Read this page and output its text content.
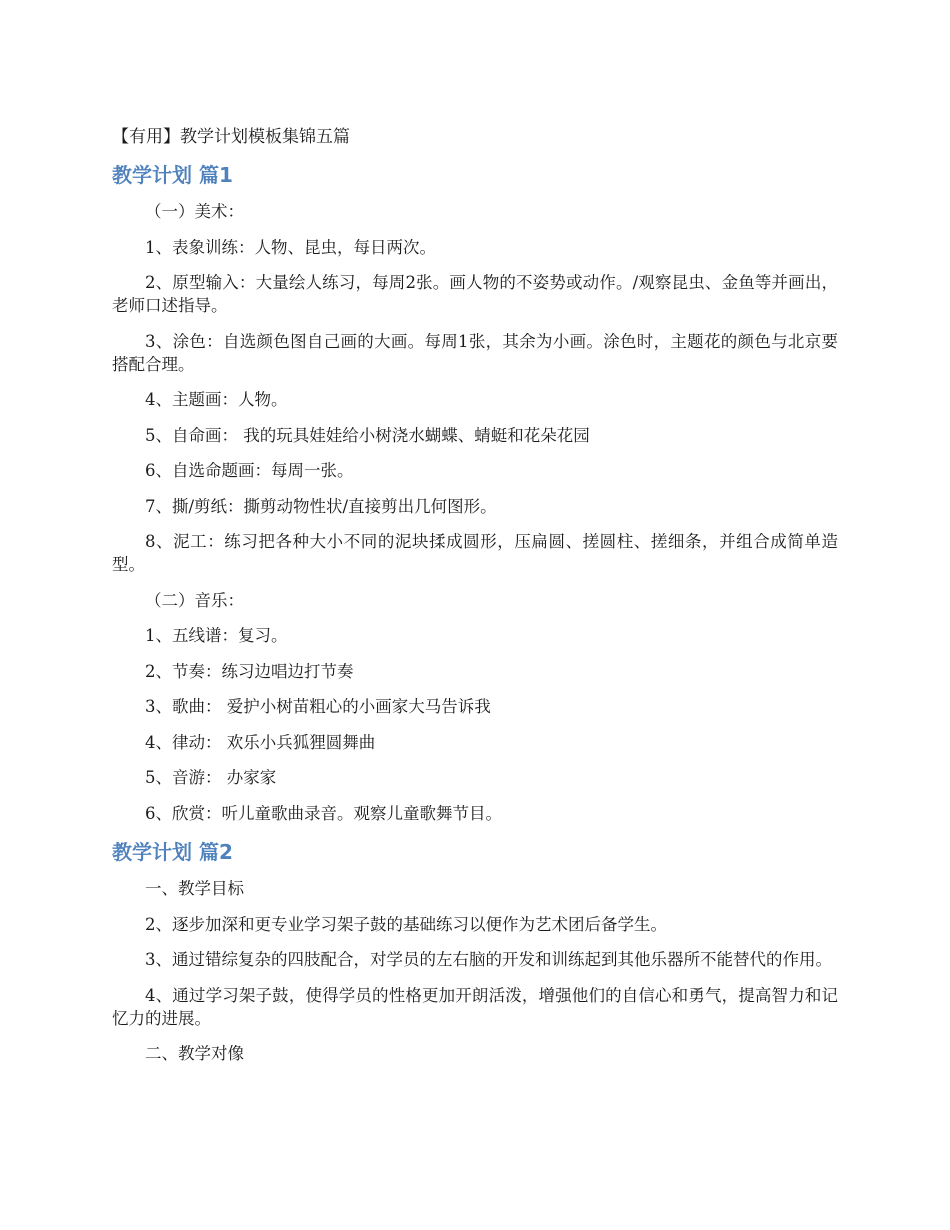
【有用】教学计划模板集锦五篇
教学计划 篇1

（一）美术：

1、表象训练：人物、昆虫，每日两次。

2、原型输入：大量绘人练习，每周2张。画人物的不姿势或动作。/观察昆虫、金鱼等并画出，老师口述指导。

3、涂色：自选颜色图自己画的大画。每周1张，其余为小画。涂色时，主题花的颜色与北京要搭配合理。

4、主题画：人物。

5、自命画： 我的玩具娃娃给小树浇水蝴蝶、蜻蜓和花朵花园

6、自选命题画：每周一张。

7、撕/剪纸：撕剪动物性状/直接剪出几何图形。

8、泥工：练习把各种大小不同的泥块揉成圆形，压扁圆、搓圆柱、搓细条，并组合成简单造型。

（二）音乐：

1、五线谱：复习。

2、节奏：练习边唱边打节奏

3、歌曲： 爱护小树苗粗心的小画家大马告诉我

4、律动： 欢乐小兵狐狸圆舞曲

5、音游： 办家家

6、欣赏：听儿童歌曲录音。观察儿童歌舞节目。

教学计划 篇2

一、教学目标

2、逐步加深和更专业学习架子鼓的基础练习以便作为艺术团后备学生。

3、通过错综复杂的四肢配合，对学员的左右脑的开发和训练起到其他乐器所不能替代的作用。

4、通过学习架子鼓，使得学员的性格更加开朗活泼，增强他们的自信心和勇气，提高智力和记忆力的进展。

二、教学对像
